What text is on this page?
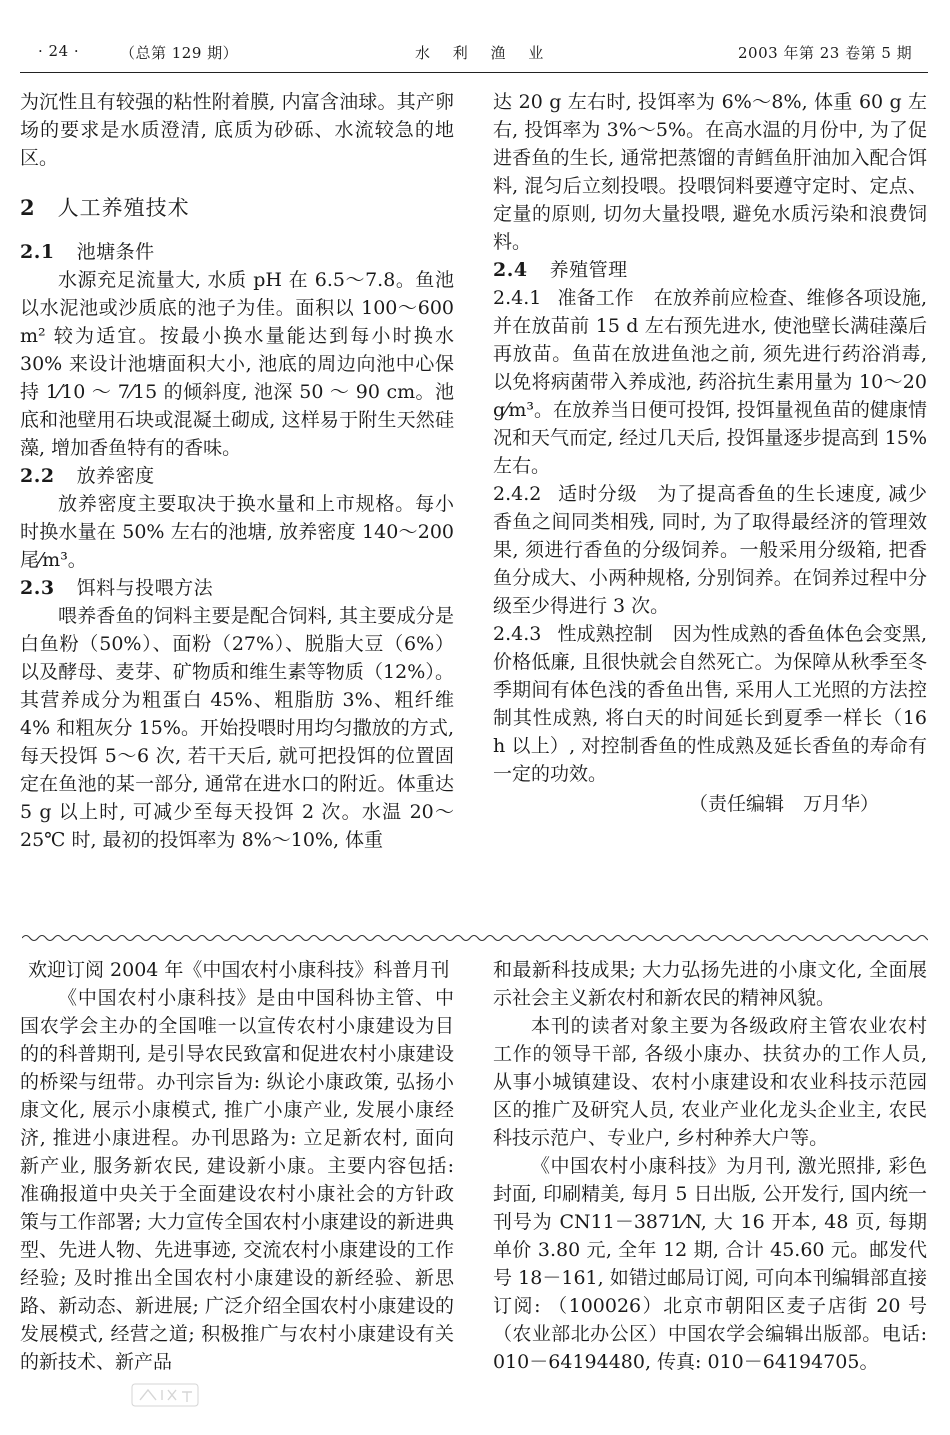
· 24 ·	（总第 129 期）	水 利 渔 业	2003 年第 23 卷第 5 期

为沉性且有较强的粘性附着膜, 内富含油球。其产卵场的要求是水质澄清, 底质为砂砾、水流较急的地区。

2 人工养殖技术

2.1 池塘条件

水源充足流量大, 水质 pH 在 6.5～7.8。鱼池以水泥池或沙质底的池子为佳。面积以 100～600 m² 较为适宜。按最小换水量能达到每小时换水 30% 来设计池塘面积大小, 池底的周边向池中心保持 1⁄10 ～ 7⁄15 的倾斜度, 池深 50 ～ 90 cm。池底和池壁用石块或混凝土砌成, 这样易于附生天然硅藻, 增加香鱼特有的香味。

2.2 放养密度

放养密度主要取决于换水量和上市规格。每小时换水量在 50% 左右的池塘, 放养密度 140～200 尾⁄m³。

2.3 饵料与投喂方法

喂养香鱼的饲料主要是配合饲料, 其主要成分是白鱼粉（50%）、面粉（27%）、脱脂大豆（6%）以及酵母、麦芽、矿物质和维生素等物质（12%）。其营养成分为粗蛋白 45%、粗脂肪 3%、粗纤维 4% 和粗灰分 15%。开始投喂时用均匀撒放的方式, 每天投饵 5～6 次, 若干天后, 就可把投饵的位置固定在鱼池的某一部分, 通常在进水口的附近。体重达 5 g 以上时, 可减少至每天投饵 2 次。水温 20～25℃ 时, 最初的投饵率为 8%～10%, 体重

达 20 g 左右时, 投饵率为 6%～8%, 体重 60 g 左右, 投饵率为 3%～5%。在高水温的月份中, 为了促进香鱼的生长, 通常把蒸馏的青鳕鱼肝油加入配合饵料, 混匀后立刻投喂。投喂饲料要遵守定时、定点、定量的原则, 切勿大量投喂, 避免水质污染和浪费饲料。

2.4 养殖管理

2.4.1 准备工作 在放养前应检查、维修各项设施, 并在放苗前 15 d 左右预先进水, 使池壁长满硅藻后再放苗。鱼苗在放进鱼池之前, 须先进行药浴消毒, 以免将病菌带入养成池, 药浴抗生素用量为 10～20 g⁄m³。在放养当日便可投饵, 投饵量视鱼苗的健康情况和天气而定, 经过几天后, 投饵量逐步提高到 15% 左右。

2.4.2 适时分级 为了提高香鱼的生长速度, 减少香鱼之间同类相残, 同时, 为了取得最经济的管理效果, 须进行香鱼的分级饲养。一般采用分级箱, 把香鱼分成大、小两种规格, 分别饲养。在饲养过程中分级至少得进行 3 次。

2.4.3 性成熟控制 因为性成熟的香鱼体色会变黑, 价格低廉, 且很快就会自然死亡。为保障从秋季至冬季期间有体色浅的香鱼出售, 采用人工光照的方法控制其性成熟, 将白天的时间延长到夏季一样长（16 h 以上）, 对控制香鱼的性成熟及延长香鱼的寿命有一定的功效。

（责任编辑　万月华）

欢迎订阅 2004 年《中国农村小康科技》科普月刊

《中国农村小康科技》是由中国科协主管、中国农学会主办的全国唯一以宣传农村小康建设为目的的科普期刊, 是引导农民致富和促进农村小康建设的桥梁与纽带。办刊宗旨为: 纵论小康政策, 弘扬小康文化, 展示小康模式, 推广小康产业, 发展小康经济, 推进小康进程。办刊思路为: 立足新农村, 面向新产业, 服务新农民, 建设新小康。主要内容包括: 准确报道中央关于全面建设农村小康社会的方针政策与工作部署; 大力宣传全国农村小康建设的新进典型、先进人物、先进事迹, 交流农村小康建设的工作经验; 及时推出全国农村小康建设的新经验、新思路、新动态、新进展; 广泛介绍全国农村小康建设的发展模式, 经营之道; 积极推广与农村小康建设有关的新技术、新产品

和最新科技成果; 大力弘扬先进的小康文化, 全面展示社会主义新农村和新农民的精神风貌。

本刊的读者对象主要为各级政府主管农业农村工作的领导干部, 各级小康办、扶贫办的工作人员, 从事小城镇建设、农村小康建设和农业科技示范园区的推广及研究人员, 农业产业化龙头企业主, 农民科技示范户、专业户, 乡村种养大户等。

《中国农村小康科技》为月刊, 激光照排, 彩色封面, 印刷精美, 每月 5 日出版, 公开发行, 国内统一刊号为 CN11－3871⁄N, 大 16 开本, 48 页, 每期单价 3.80 元, 全年 12 期, 合计 45.60 元。邮发代号 18－161, 如错过邮局订阅, 可向本刊编辑部直接订阅: （100026）北京市朝阳区麦子店街 20 号（农业部北办公区）中国农学会编辑出版部。电话: 010－64194480, 传真: 010－64194705。
